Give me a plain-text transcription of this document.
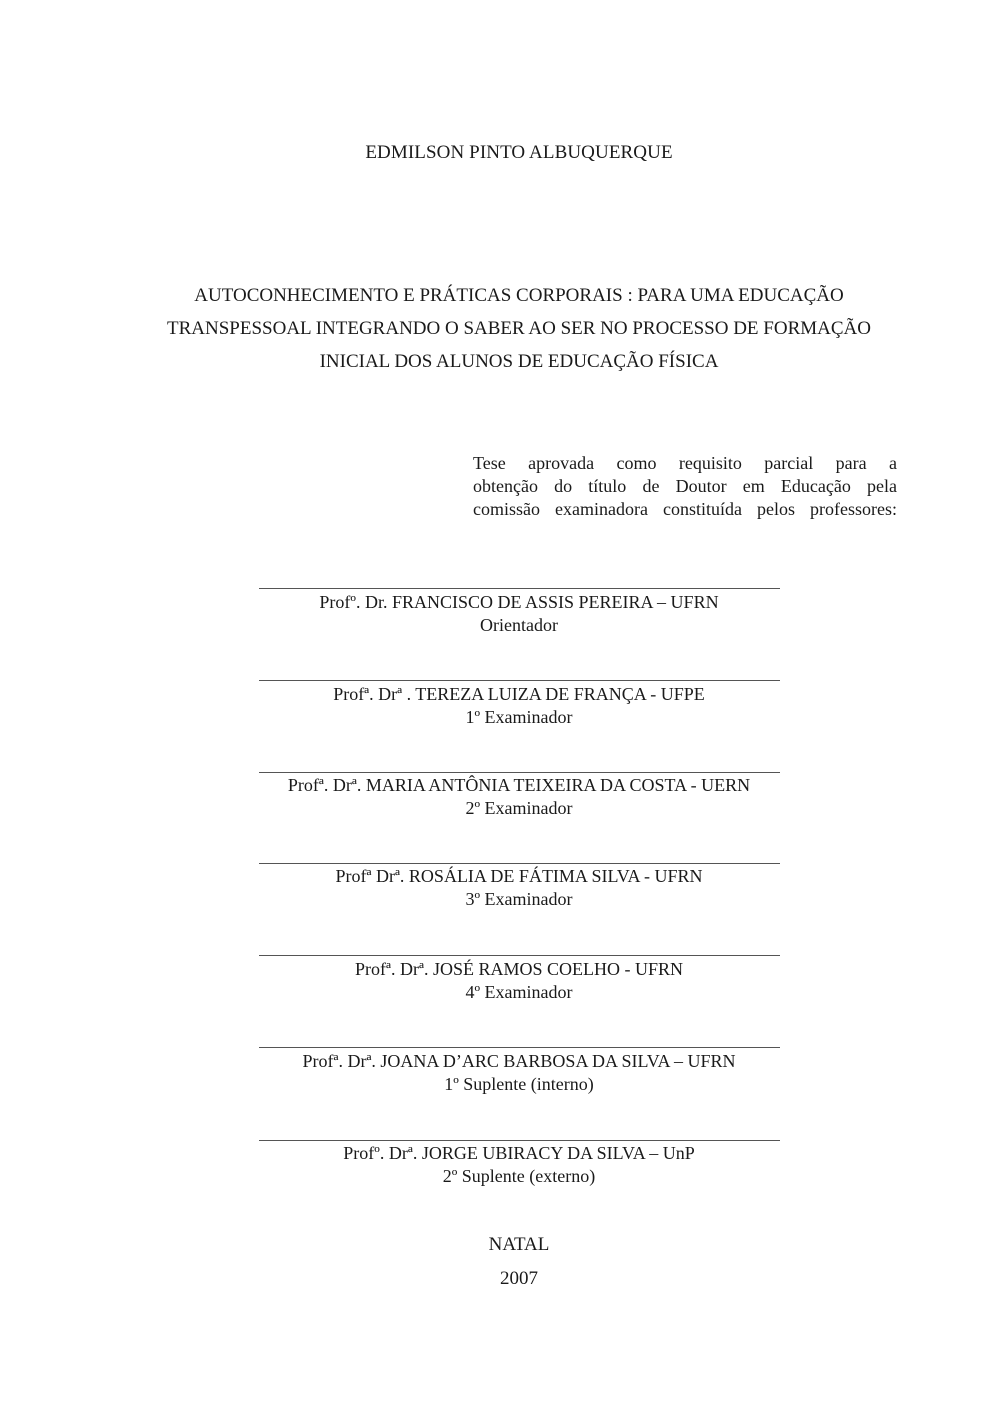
EDMILSON PINTO ALBUQUERQUE
AUTOCONHECIMENTO E PRÁTICAS CORPORAIS : PARA UMA EDUCAÇÃO
TRANSPESSOAL INTEGRANDO O SABER AO SER NO PROCESSO DE FORMAÇÃO
INICIAL DOS ALUNOS DE EDUCAÇÃO FÍSICA
Tese aprovada como requisito parcial para a
obtenção do título de Doutor em Educação pela
comissão examinadora constituída pelos professores:
Profº. Dr. FRANCISCO DE ASSIS PEREIRA – UFRN
Orientador
Profª. Drª . TEREZA LUIZA DE FRANÇA - UFPE
1º Examinador
Profª. Drª. MARIA ANTÔNIA TEIXEIRA DA COSTA - UERN
2º Examinador
Profª Drª. ROSÁLIA DE FÁTIMA SILVA - UFRN
3º Examinador
Profª. Drª. JOSÉ RAMOS COELHO - UFRN
4º Examinador
Profª. Drª. JOANA D’ARC BARBOSA DA SILVA – UFRN
1º Suplente (interno)
Profº. Drª. JORGE UBIRACY DA SILVA – UnP
2º Suplente (externo)
NATAL
2007
